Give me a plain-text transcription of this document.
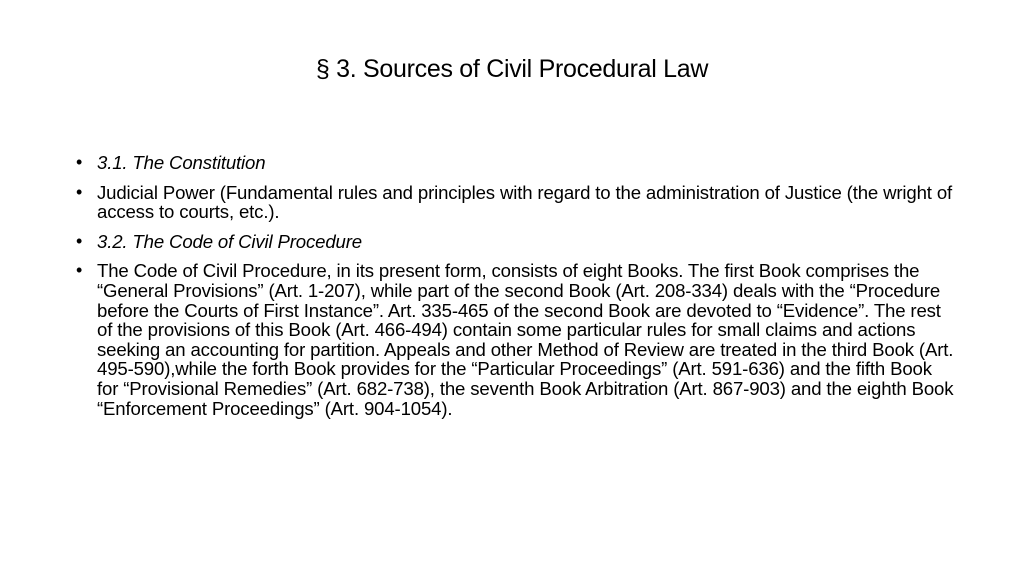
§ 3. Sources of Civil Procedural Law
• 3.1. The Constitution
• Judicial Power (Fundamental rules and principles with regard to the administration of Justice (the wright of access to courts, etc.).
• 3.2. The Code of Civil Procedure
• The Code of Civil Procedure, in its present form, consists of eight Books. The first Book comprises the “General Provisions” (Art. 1-207), while part of the second Book (Art. 208-334) deals with the “Procedure before the Courts of First Instance”. Art. 335-465 of the second Book are devoted to “Evidence”. The rest of the provisions of this Book (Art. 466-494) contain some particular rules for small claims and actions seeking an accounting for partition. Appeals and other Method of Review are treated in the third Book (Art. 495-590),while the forth Book provides for the “Particular Proceedings” (Art. 591-636) and the fifth Book for “Provisional Remedies” (Art. 682-738), the seventh Book Arbitration (Art. 867-903) and the eighth Book “Enforcement Proceedings” (Art. 904-1054).
